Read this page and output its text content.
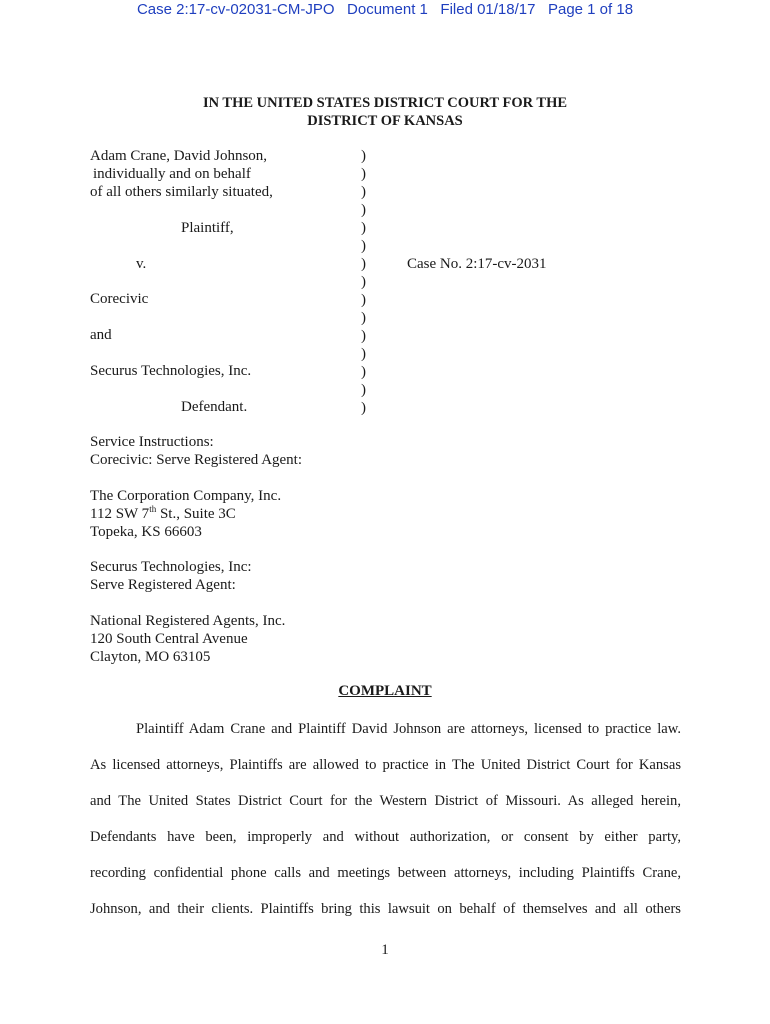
Case 2:17-cv-02031-CM-JPO   Document 1   Filed 01/18/17   Page 1 of 18
IN THE UNITED STATES DISTRICT COURT FOR THE
DISTRICT OF KANSAS
Adam Crane, David Johnson,
individually and on behalf
of all others similarly situated,
Plaintiff,
v.	Case No. 2:17-cv-2031
Corecivic
and
Securus Technologies, Inc.
Defendant.
)
)
)
)
)
)
)
)
)
)
)
)
)
)
)
Service Instructions:
Corecivic: Serve Registered Agent:
The Corporation Company, Inc.
112 SW 7th St., Suite 3C
Topeka, KS 66603
Securus Technologies, Inc:
Serve Registered Agent:
National Registered Agents, Inc.
120 South Central Avenue
Clayton, MO 63105
COMPLAINT
Plaintiff Adam Crane and Plaintiff David Johnson are attorneys, licensed to practice law.
As licensed attorneys, Plaintiffs are allowed to practice in The United District Court for Kansas
and The United States District Court for the Western District of Missouri. As alleged herein,
Defendants have been, improperly and without authorization, or consent by either party,
recording confidential phone calls and meetings between attorneys, including Plaintiffs Crane,
Johnson, and their clients. Plaintiffs bring this lawsuit on behalf of themselves and all others
1
